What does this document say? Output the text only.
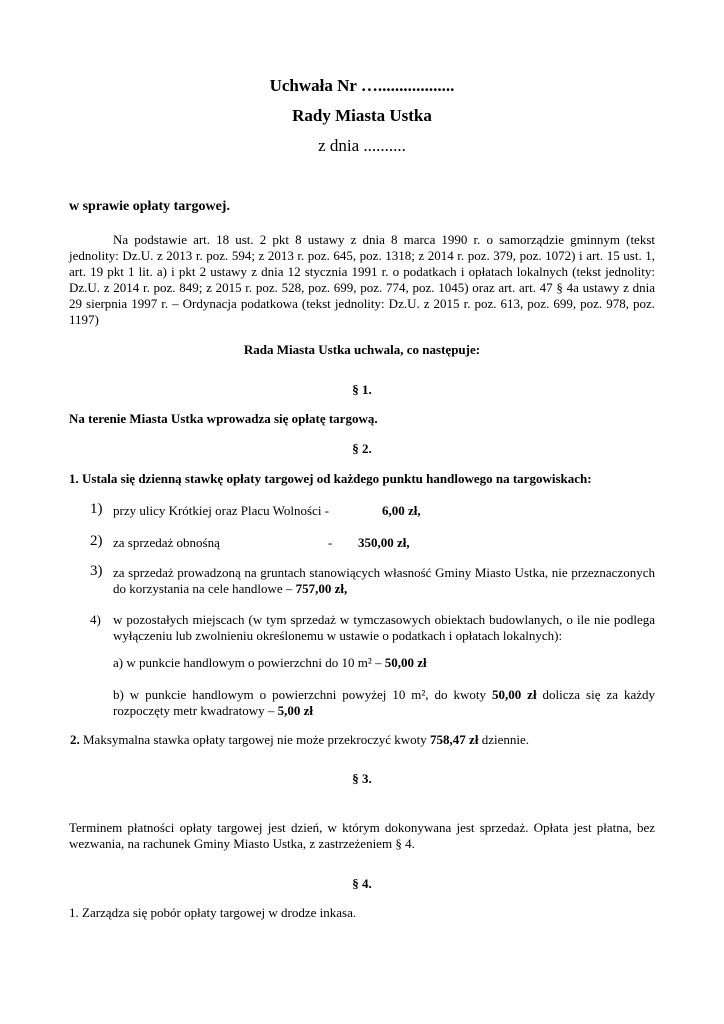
Uchwała Nr …..................
Rady Miasta Ustka
z dnia ..........
w sprawie opłaty targowej.
Na podstawie art. 18 ust. 2 pkt 8 ustawy z dnia 8 marca 1990 r. o samorządzie gminnym (tekst jednolity: Dz.U. z 2013 r. poz. 594; z 2013 r. poz. 645, poz. 1318; z 2014 r. poz. 379, poz. 1072) i art. 15 ust. 1, art. 19 pkt 1 lit. a) i pkt 2 ustawy z dnia 12 stycznia 1991 r. o podatkach i opłatach lokalnych (tekst jednolity: Dz.U. z 2014 r. poz. 849; z 2015 r. poz. 528, poz. 699, poz. 774, poz. 1045) oraz art. art. 47 § 4a ustawy z dnia 29 sierpnia 1997 r. – Ordynacja podatkowa (tekst jednolity: Dz.U. z 2015 r. poz. 613, poz. 699, poz. 978, poz. 1197)
Rada Miasta Ustka uchwala, co następuje:
§ 1.
Na terenie Miasta Ustka wprowadza się opłatę targową.
§ 2.
1. Ustala się dzienną stawkę opłaty targowej od każdego punktu handlowego na targowiskach:
1) przy ulicy Krótkiej oraz Placu Wolności -	6,00 zł,
2) za sprzedaż obnośną	- 350,00 zł,
3) za sprzedaż prowadzoną na gruntach stanowiących własność Gminy Miasto Ustka, nie przeznaczonych do korzystania na cele handlowe – 757,00 zł,
4) w pozostałych miejscach (w tym sprzedaż w tymczasowych obiektach budowlanych, o ile nie podlega wyłączeniu lub zwolnieniu określonemu w ustawie o podatkach i opłatach lokalnych):
a) w punkcie handlowym o powierzchni do 10 m² – 50,00 zł
b) w punkcie handlowym o powierzchni powyżej 10 m², do kwoty 50,00 zł dolicza się za każdy rozpoczęty metr kwadratowy – 5,00 zł
2. Maksymalna stawka opłaty targowej nie może przekroczyć kwoty 758,47 zł dziennie.
§ 3.
Terminem płatności opłaty targowej jest dzień, w którym dokonywana jest sprzedaż. Opłata jest płatna, bez wezwania, na rachunek Gminy Miasto Ustka, z zastrzeżeniem § 4.
§ 4.
1. Zarządza się pobór opłaty targowej w drodze inkasa.
